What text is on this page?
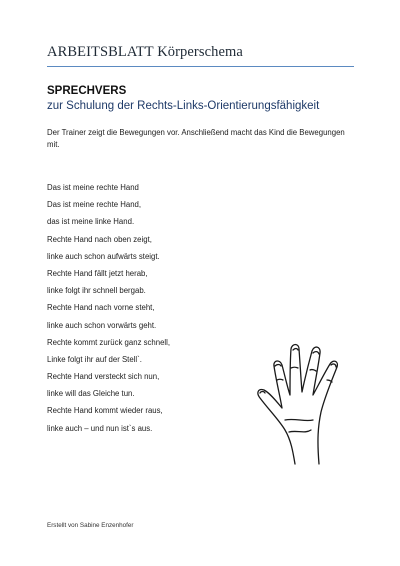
ARBEITSBLATT Körperschema
SPRECHVERS
zur Schulung der Rechts-Links-Orientierungsfähigkeit
Der Trainer zeigt die Bewegungen vor. Anschließend macht das Kind die Bewegungen mit.
Das ist meine rechte Hand
Das ist meine rechte Hand,
das ist meine linke Hand.
Rechte Hand nach oben zeigt,
linke auch schon aufwärts steigt.
Rechte Hand fällt jetzt herab,
linke folgt ihr schnell bergab.
Rechte Hand nach vorne steht,
linke auch schon vorwärts geht.
Rechte kommt zurück ganz schnell,
Linke folgt ihr auf der Stell`.
Rechte Hand versteckt sich nun,
linke will das Gleiche tun.
Rechte Hand kommt wieder raus,
linke auch – und nun ist`s aus.
Erstellt von Sabine Enzenhofer
